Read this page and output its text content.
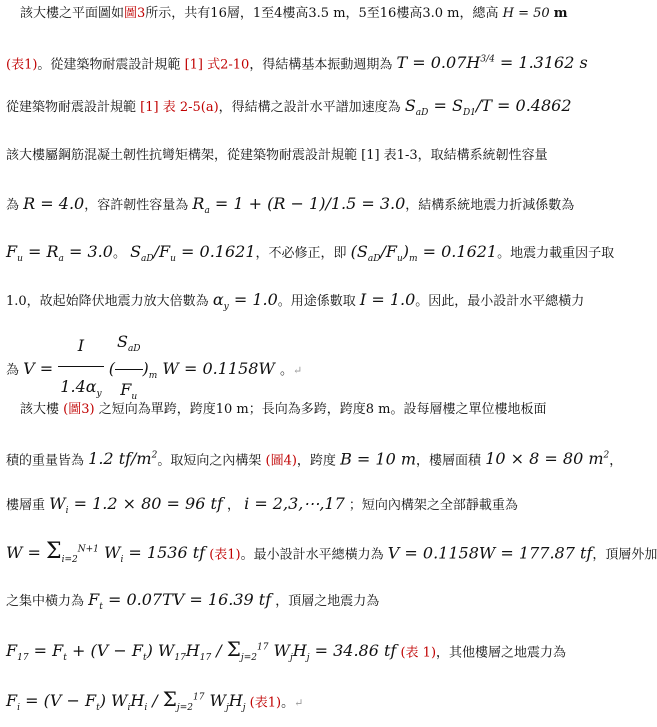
該大樓之平面圖如圖3所示，共有16層，1至4樓高3.5 m，5至16樓高3.0 m，總高 H = 50 m
(表1)。從建築物耐震設計規範 [1] 式2-10，得結構基本振動週期為 $T = 0.07H^{3/4} = 1.3162$ s
從建築物耐震設計規範 [1] 表 2-5(a)，得結構之設計水平譜加速度為 $S_{aD} = S_{D1}/T = 0.4862$
該大樓屬鋼筋混凝土韌性抗彎矩構架，從建築物耐震設計規範 [1] 表1-3，取結構系統韌性容量
為 R = 4.0，容許韌性容量為 $R_a = 1 + (R - 1)/1.5 = 3.0$，結構系統地震力折減係數為
$F_u = R_a = 3.0$。 $S_{aD}/F_u = 0.1621$，不必修正，即 $(S_{aD}/F_u)_m = 0.1621$。地震力載重因子取
1.0，故起始降伏地震力放大倍數為 $\alpha_y = 1.0$。用途係數取 I = 1.0。因此，最小設計水平總橫力
為 $V = \frac{I}{1.4\alpha_y}$ ( $\frac{S_{aD}}{F_u} )_m$ W = 0.1158W 。↵
該大樓 (圖3) 之短向為單跨，跨度10 m；長向為多跨，跨度8 m。設每層樓之單位樓地板面
積的重量皆為 1.2 $tf/m^2$。取短向之內構架 (圖4)，跨度 B = 10 m，樓層面積 10 × 8 = 80 $m^2$，
樓層重 $W_i = 1.2 \times 80 = 96$ tf ， i = 2,3,⋯,17 ；短向內構架之全部靜載重為
$W = \Sigma_{i=2}^{N+1}$ $W_i = 1536$ tf (表1)。最小設計水平總橫力為 V = 0.1158W = 177.87 tf，頂層外加
之集中橫力為 $F_t = 0.07TV = 16.39$ tf ，頂層之地震力為
$F_{17} = F_t + (V - F_t)$ $W_{17}H_{17} / \Sigma_{j=2}^{17}$ $W_jH_j = 34.86$ tf (表 1)，其他樓層之地震力為
$F_i = (V - F_t)$ $W_iH_i / \Sigma_{j=2}^{17}$ $W_jH_j$ (表1)。↵
